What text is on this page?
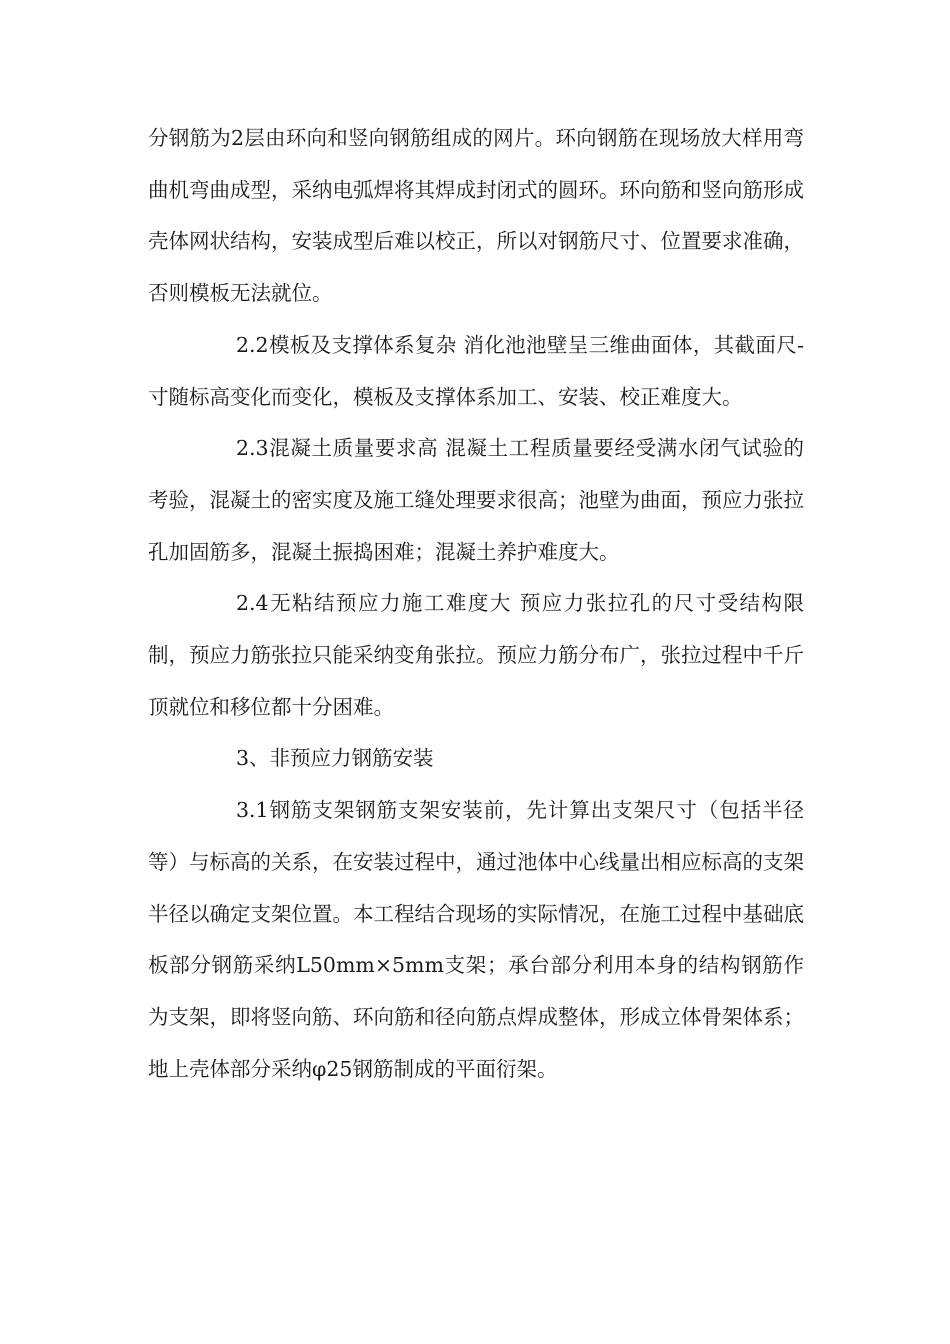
分钢筋为2层由环向和竖向钢筋组成的网片。环向钢筋在现场放大样用弯曲机弯曲成型，采纳电弧焊将其焊成封闭式的圆环。环向筋和竖向筋形成壳体网状结构，安装成型后难以校正，所以对钢筋尺寸、位置要求准确，否则模板无法就位。

2.2模板及支撑体系复杂 消化池池壁呈三维曲面体，其截面尺-寸随标高变化而变化，模板及支撑体系加工、安装、校正难度大。

2.3混凝土质量要求高 混凝土工程质量要经受满水闭气试验的考验，混凝土的密实度及施工缝处理要求很高；池壁为曲面，预应力张拉孔加固筋多，混凝土振捣困难；混凝土养护难度大。

2.4无粘结预应力施工难度大 预应力张拉孔的尺寸受结构限制，预应力筋张拉只能采纳变角张拉。预应力筋分布广，张拉过程中千斤顶就位和移位都十分困难。

3、非预应力钢筋安装

3.1钢筋支架钢筋支架安装前，先计算出支架尺寸（包括半径等）与标高的关系，在安装过程中，通过池体中心线量出相应标高的支架半径以确定支架位置。本工程结合现场的实际情况，在施工过程中基础底板部分钢筋采纳L50mm×5mm支架；承台部分利用本身的结构钢筋作为支架，即将竖向筋、环向筋和径向筋点焊成整体，形成立体骨架体系；地上壳体部分采纳φ25钢筋制成的平面衍架。
